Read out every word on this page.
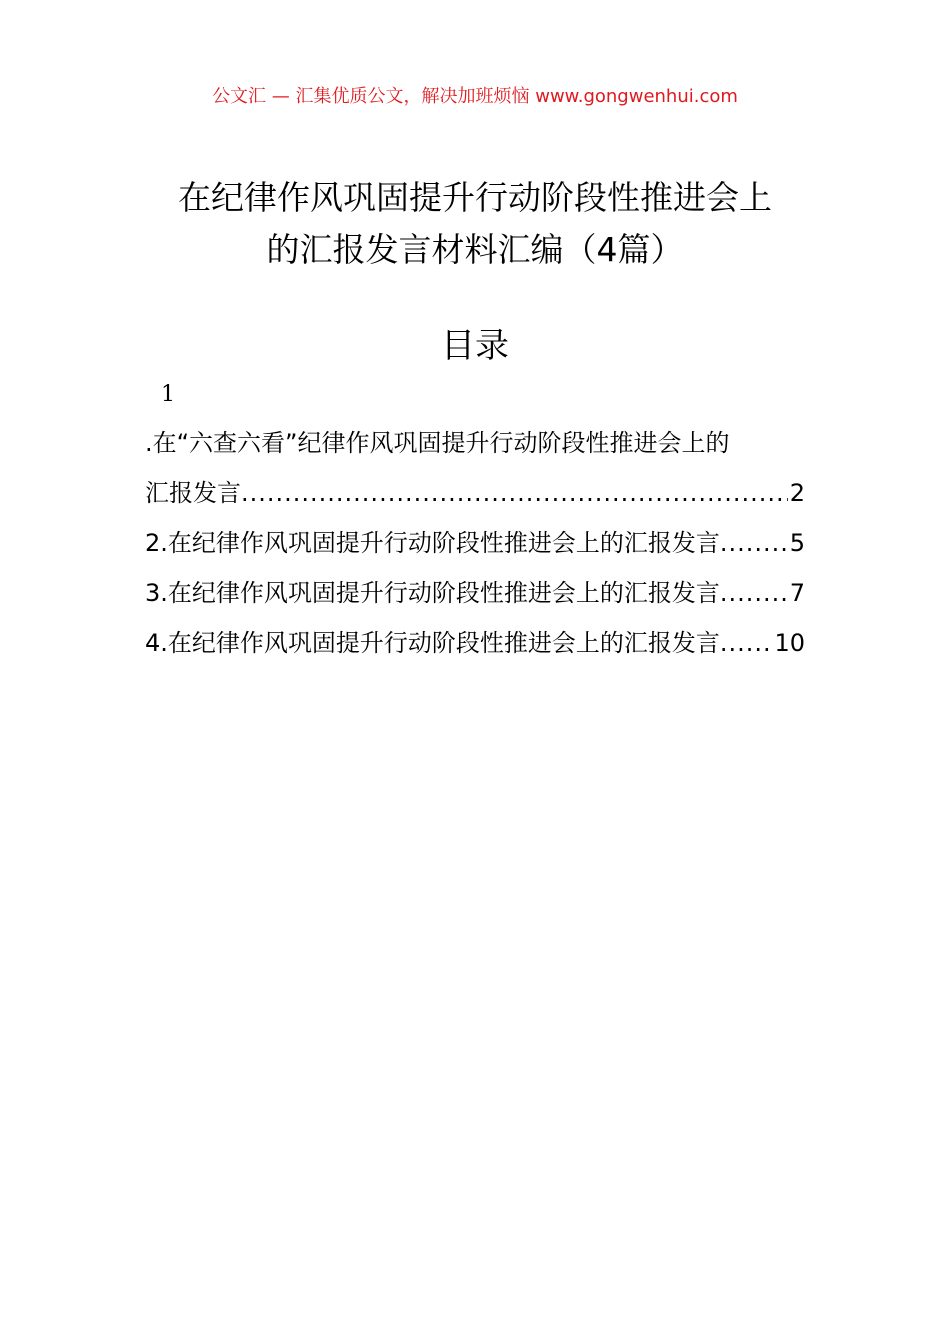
公文汇 — 汇集优质公文，解决加班烦恼 www.gongwenhui.com
在纪律作风巩固提升行动阶段性推进会上
的汇报发言材料汇编（4篇）
目录
1
.在“六查六看”纪律作风巩固提升行动阶段性推进会上的
汇报发言 .....	2
2.在纪律作风巩固提升行动阶段性推进会上的汇报发言 .....	5
3.在纪律作风巩固提升行动阶段性推进会上的汇报发言 .....	7
4.在纪律作风巩固提升行动阶段性推进会上的汇报发言 ..... 10
